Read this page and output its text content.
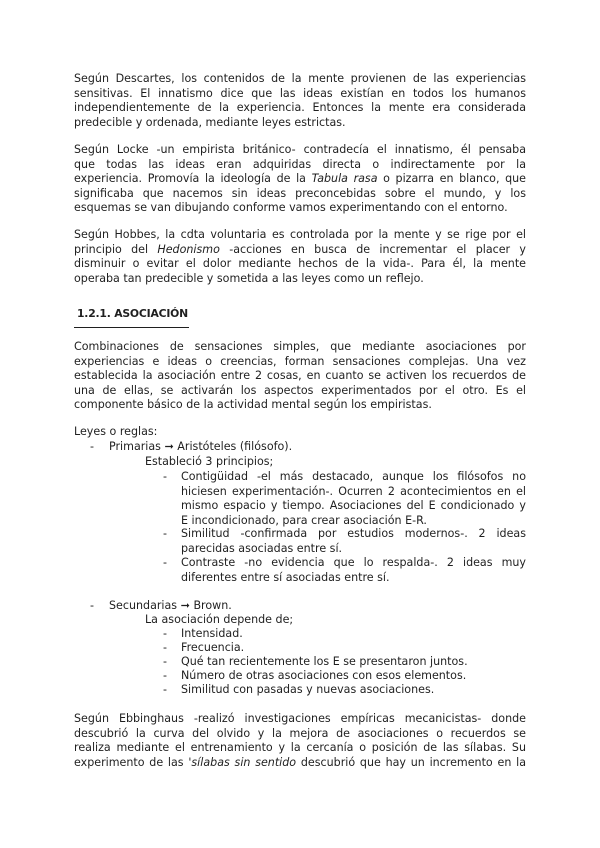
Según Descartes, los contenidos de la mente provienen de las experiencias
sensitivas. El innatismo dice que las ideas existían en todos los humanos
independientemente de la experiencia. Entonces la mente era considerada
predecible y ordenada, mediante leyes estrictas.

Según Locke -un empirista británico- contradecía el innatismo, él pensaba
que todas las ideas eran adquiridas directa o indirectamente por la
experiencia. Promovía la ideología de la Tabula rasa o pizarra en blanco, que
significaba que nacemos sin ideas preconcebidas sobre el mundo, y los
esquemas se van dibujando conforme vamos experimentando con el entorno.

Según Hobbes, la cdta voluntaria es controlada por la mente y se rige por el
principio del Hedonismo -acciones en busca de incrementar el placer y
disminuir o evitar el dolor mediante hechos de la vida-. Para él, la mente
operaba tan predecible y sometida a las leyes como un reflejo.

1.2.1. ASOCIACIÓN

Combinaciones de sensaciones simples, que mediante asociaciones por
experiencias e ideas o creencias, forman sensaciones complejas. Una vez
establecida la asociación entre 2 cosas, en cuanto se activen los recuerdos de
una de ellas, se activarán los aspectos experimentados por el otro. Es el
componente básico de la actividad mental según los empiristas.

Leyes o reglas:
- Primarias ➞ Aristóteles (filósofo).
Estableció 3 principios;
- Contigüidad -el más destacado, aunque los filósofos no
hiciesen experimentación-. Ocurren 2 acontecimientos en el
mismo espacio y tiempo. Asociaciones del E condicionado y
E incondicionado, para crear asociación E-R.
- Similitud -confirmada por estudios modernos-. 2 ideas
parecidas asociadas entre sí.
- Contraste -no evidencia que lo respalda-. 2 ideas muy
diferentes entre sí asociadas entre sí.
- Secundarias ➞ Brown.
La asociación depende de;
- Intensidad.
- Frecuencia.
- Qué tan recientemente los E se presentaron juntos.
- Número de otras asociaciones con esos elementos.
- Similitud con pasadas y nuevas asociaciones.

Según Ebbinghaus -realizó investigaciones empíricas mecanicistas- donde
descubrió la curva del olvido y la mejora de asociaciones o recuerdos se
realiza mediante el entrenamiento y la cercanía o posición de las sílabas. Su
experimento de las 'sílabas sin sentido descubrió que hay un incremento en la
